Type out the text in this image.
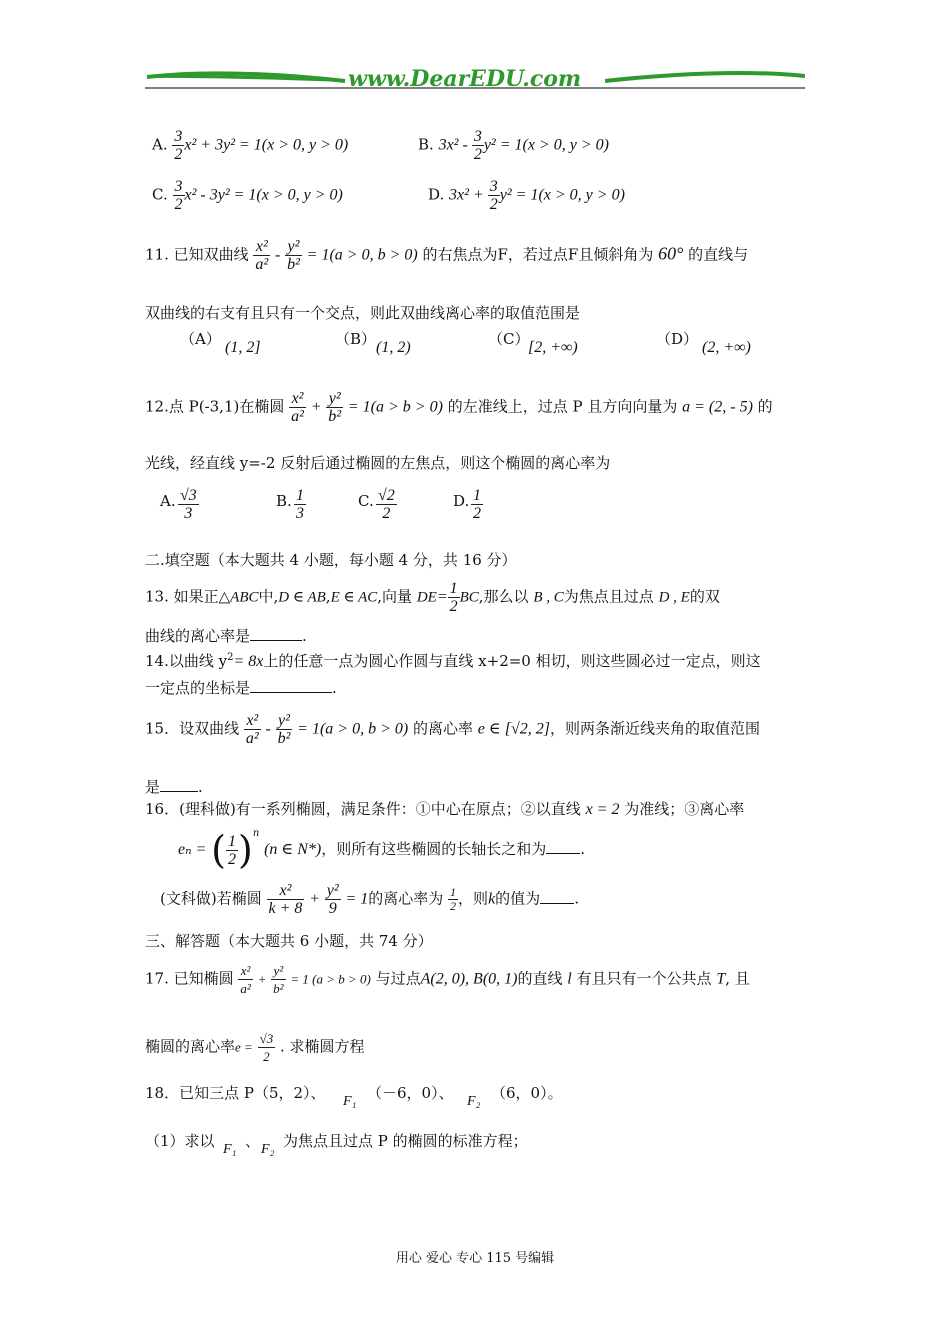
www.DearEDU.com
A. $\frac{3}{2} x^2 + 3y^2 = 1(x > 0$, y > 0)	B. $3x^2 - \frac{3}{2} y^2 = 1(x > 0$, y > 0)
C. $\frac{3}{2} x^2 - 3y^2 = 1(x > 0$, y > 0)	D. $3x^2 + \frac{3}{2} y^2 = 1(x > 0$, y > 0)
11. 已知双曲线 $\frac{\text{x²}}{\text{a²}} - \frac{\text{y²}}{\text{b²}} = 1(a > 0$, b > 0) 的右焦点为F，若过点F且倾斜角为 60° 的直线与
双曲线的右支有且只有一个交点，则此双曲线离心率的取值范围是
（A） (1, 2]	（B） (1, 2)	（C）
[2, +∞)	（D） (2, +∞)
12.点 P(-3,1)在椭圆 $\frac{\text{x²}}{\text{a²}} + \frac{\text{y²}}{\text{b²}} = 1(a > b > 0)$ 的左准线上，过点 P 且方向向量为 a = (2, - 5) 的
光线，经直线 y=-2 反射后通过椭圆的左焦点，则这个椭圆的离心率为
A. $\frac{√3}{3}$	B. $\frac{1}{3}$	C. $\frac{√2}{2}$	D. $\frac{1}{2}$
二.填空题（本大题共 4 小题，每小题 4 分，共 16 分）
13. 如果正△ABC中,D ∈ AB,E ∈ AC,向量 $DE= \frac{1}{2}$ BC,那么以 B , C为焦点且过点 D , E的双
曲线的离心率是	.
14.以曲线 $y^2= 8x$上的任意一点为圆心作圆与直线 x+2=0 相切，则这些圆必过一定点，则这
一定点的坐标是	.
15．设双曲线 $\frac{\text{x²}}{\text{a²}} - \frac{\text{y²}}{\text{b²}} = 1(a > 0$, b > 0) 的离心率 e ∈ [√2, 2]，则两条渐近线夹角的取值范围
是	.
16．(理科做)有一系列椭圆，满足条件：①中心在原点；②以直线 x = 2 为准线；③离心率
eₙ = ( $\frac{1}{2} )^n$ (n ∈ N*)，则所有这些椭圆的长轴长之和为 .
(文科做)若椭圆 $\frac{\text{x²}}{k + 8} + \frac{\text{y²}}{9} = 1$的离心率为 $\frac{1}{2}$ ，则k的值为 .
三、解答题（本大题共 6 小题，共 74 分）
17. 已知椭圆 $\frac{\text{x²}}{\text{a²}} + \frac{\text{y²}}{\text{b²}} = 1$ (a > b > 0) 与过点A(2, 0), B(0, 1)的直线 l 有且只有一个公共点 T, 且
椭圆的离心率$e = \frac{√3}{2}$ . 求椭圆方程
18．已知三点 P（5，2）、 F₁ （－6，0）、 F₂ （6，0）。
（1）求以 F₁ 、 F₂ 为焦点且过点 P 的椭圆的标准方程；
用心 爱心 专心 115 号编辑
